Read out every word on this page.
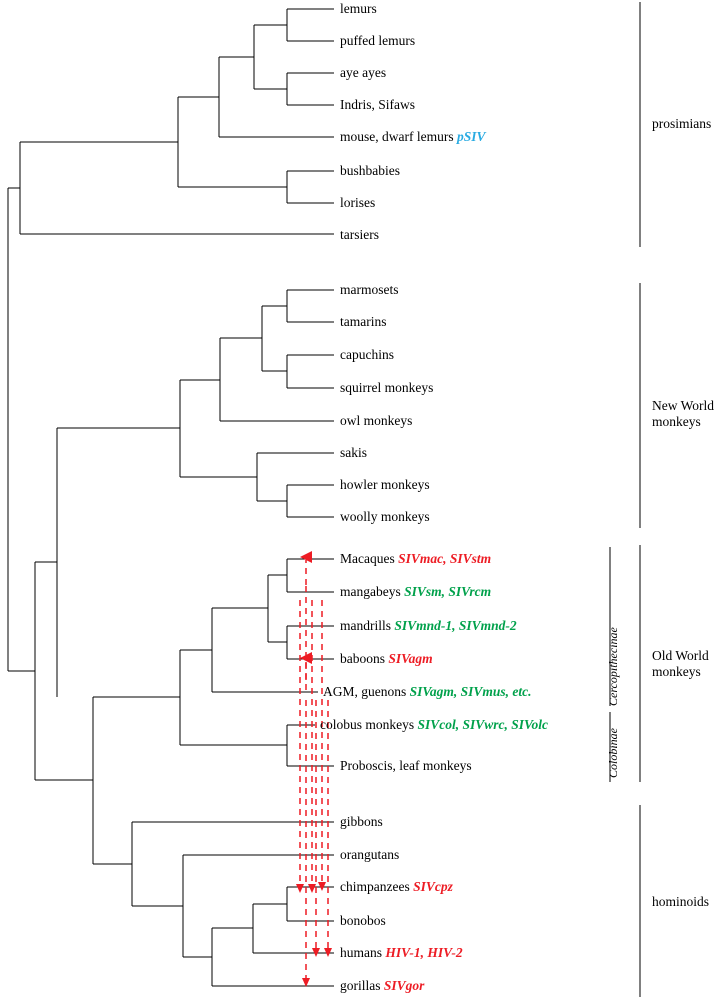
lemurs
puffed lemurs
aye ayes
Indris, Sifaws
mouse, dwarf lemurs pSIV
bushbabies
lorises
tarsiers
marmosets
tamarins
capuchins
squirrel monkeys
owl monkeys
sakis
howler monkeys
woolly monkeys
Macaques SIVmac, SIVstm
mangabeys SIVsm, SIVrcm
mandrills SIVmnd-1, SIVmnd-2
baboons SIVagm
AGM, guenons SIVagm, SIVmus, etc.
colobus monkeys SIVcol, SIVwrc, SIVolc
Proboscis, leaf monkeys
gibbons
orangutans
chimpanzees SIVcpz
bonobos
humans HIV-1, HIV-2
gorillas SIVgor
prosimians
New World
monkeys
Old World
monkeys
hominoids
Cercopithecinae
Colobinae
